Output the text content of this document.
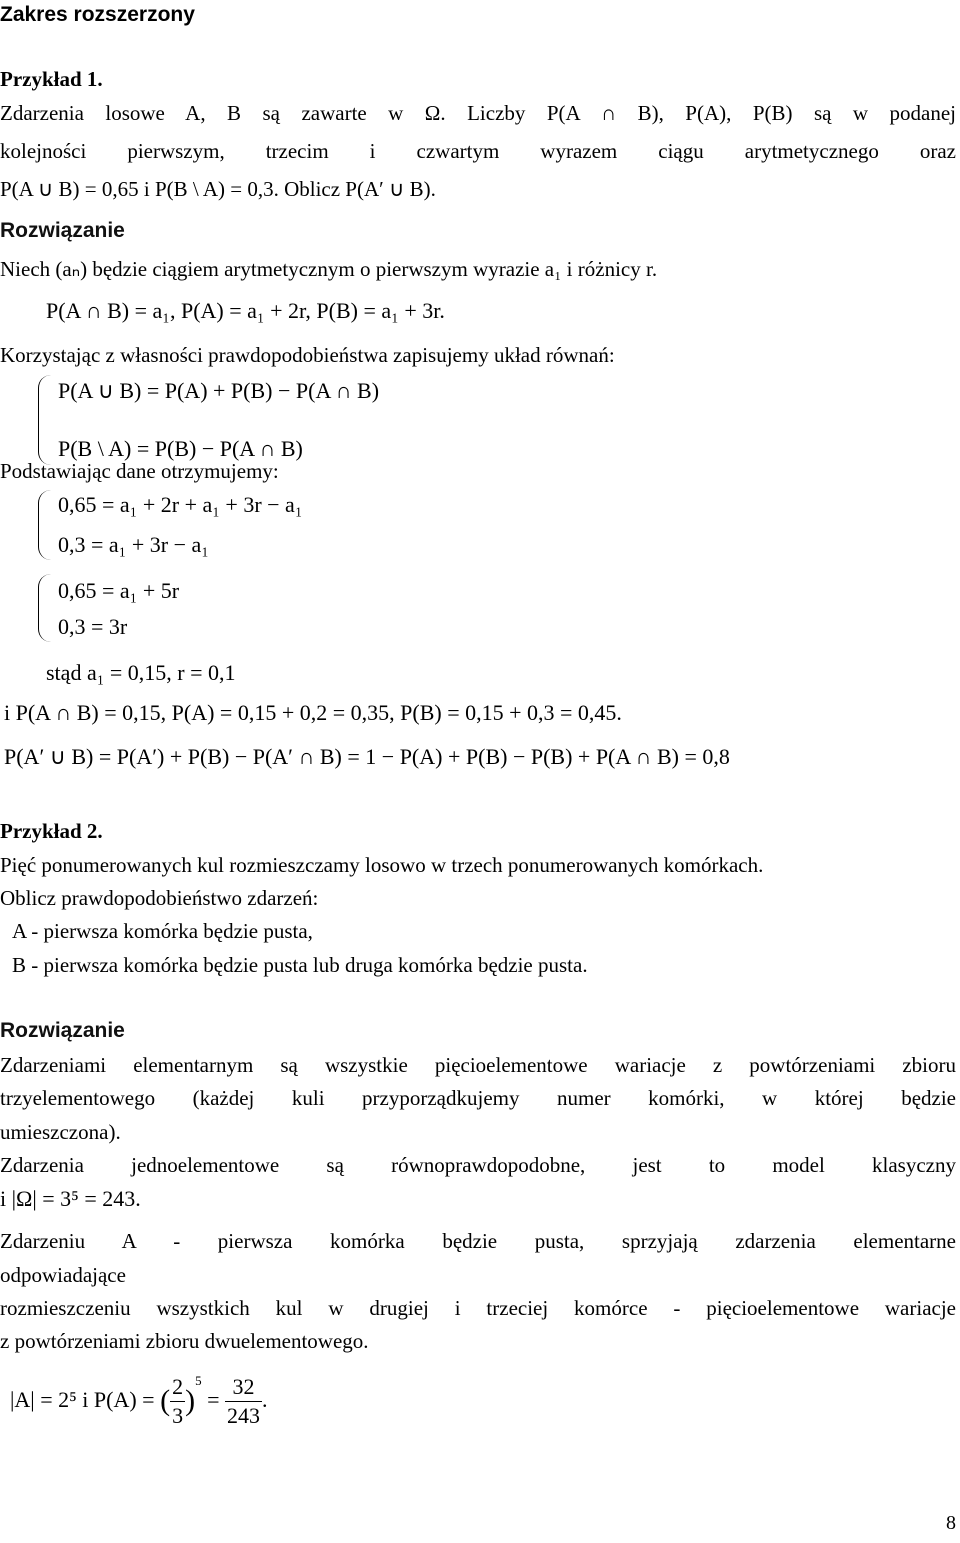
Zakres rozszerzony
Przykład 1.
Zdarzenia losowe A, B są zawarte w Ω. Liczby P(A ∩ B), P(A), P(B) są w podanej
kolejności pierwszym, trzecim i czwartym wyrazem ciągu arytmetycznego oraz
P(A ∪ B) = 0,65 i P(B \ A) = 0,3. Oblicz P(A′ ∪ B).
Rozwiązanie
Niech (aₙ) będzie ciągiem arytmetycznym o pierwszym wyrazie a₁ i różnicy r.
P(A ∩ B) = a₁, P(A) = a₁ + 2r, P(B) = a₁ + 3r.
Korzystając z własności prawdopodobieństwa zapisujemy układ równań:
P(A ∪ B) = P(A) + P(B) − P(A ∩ B)
P(B \ A) = P(B) − P(A ∩ B)
Podstawiając dane otrzymujemy:
0,65 = a₁ + 2r + a₁ + 3r − a₁
0,3 = a₁ + 3r − a₁
0,65 = a₁ + 5r
0,3 = 3r
stąd a₁ = 0,15, r = 0,1
i P(A ∩ B) = 0,15, P(A) = 0,15 + 0,2 = 0,35, P(B) = 0,15 + 0,3 = 0,45.
P(A′ ∪ B) = P(A′) + P(B) − P(A′ ∩ B) = 1 − P(A) + P(B) − P(B) + P(A ∩ B) = 0,8
Przykład 2.
Pięć ponumerowanych kul rozmieszczamy losowo w trzech ponumerowanych komórkach.
Oblicz prawdopodobieństwo zdarzeń:
A - pierwsza komórka będzie pusta,
B - pierwsza komórka będzie pusta lub druga komórka będzie pusta.
Rozwiązanie
Zdarzeniami elementarnym są wszystkie pięcioelementowe wariacje z powtórzeniami zbioru
trzyelementowego (każdej kuli przyporządkujemy numer komórki, w której będzie
umieszczona).
Zdarzenia jednoelementowe są równoprawdopodobne, jest to model klasyczny
i |Ω| = 3⁵ = 243.
Zdarzeniu A - pierwsza komórka będzie pusta, sprzyjają zdarzenia elementarne
odpowiadające
rozmieszczeniu wszystkich kul w drugiej i trzeciej komórce - pięcioelementowe wariacje
z powtórzeniami zbioru dwuelementowego.
|A| = 2⁵ i P(A) = ( $\frac{2}{3} )^5 = \frac{32}{243}$ .
8
